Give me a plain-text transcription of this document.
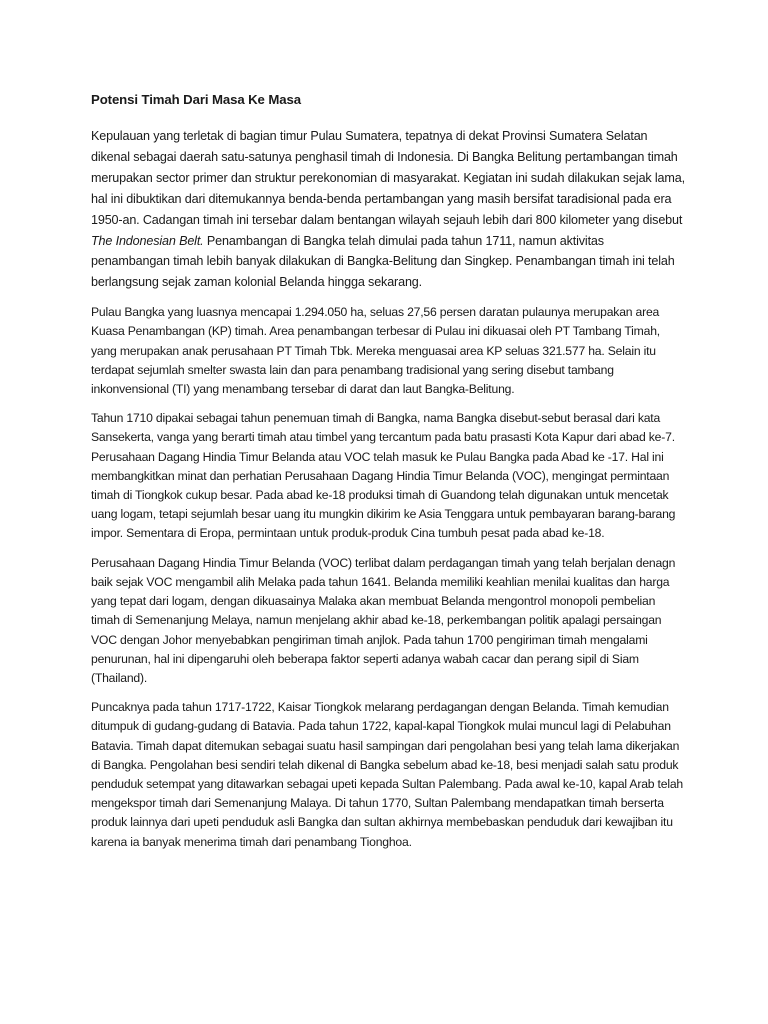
Potensi Timah Dari Masa Ke Masa

Kepulauan yang terletak di bagian timur Pulau Sumatera, tepatnya di dekat Provinsi Sumatera Selatan dikenal sebagai daerah satu-satunya penghasil timah di Indonesia. Di Bangka Belitung pertambangan timah merupakan sector primer dan struktur perekonomian di masyarakat. Kegiatan ini sudah dilakukan sejak lama, hal ini dibuktikan dari ditemukannya benda-benda pertambangan yang masih bersifat taradisional pada era 1950-an. Cadangan timah ini tersebar dalam bentangan wilayah sejauh lebih dari 800 kilometer yang disebut The Indonesian Belt. Penambangan di Bangka telah dimulai pada tahun 1711, namun aktivitas penambangan timah lebih banyak dilakukan di Bangka-Belitung dan Singkep. Penambangan timah ini telah berlangsung sejak zaman kolonial Belanda hingga sekarang.

Pulau Bangka yang luasnya mencapai 1.294.050 ha, seluas 27,56 persen daratan pulaunya merupakan area Kuasa Penambangan (KP) timah. Area penambangan terbesar di Pulau ini dikuasai oleh PT Tambang Timah, yang merupakan anak perusahaan PT Timah Tbk. Mereka menguasai area KP seluas 321.577 ha. Selain itu terdapat sejumlah smelter swasta lain dan para penambang tradisional yang sering disebut tambang inkonvensional (TI) yang menambang tersebar di darat dan laut Bangka-Belitung.

Tahun 1710 dipakai sebagai tahun penemuan timah di Bangka, nama Bangka disebut-sebut berasal dari kata Sansekerta, vanga yang berarti timah atau timbel yang tercantum pada batu prasasti Kota Kapur dari abad ke-7. Perusahaan Dagang Hindia Timur Belanda atau VOC telah masuk ke Pulau Bangka pada Abad ke -17. Hal ini membangkitkan minat dan perhatian Perusahaan Dagang Hindia Timur Belanda (VOC), mengingat permintaan timah di Tiongkok cukup besar. Pada abad ke-18 produksi timah di Guandong telah digunakan untuk mencetak uang logam, tetapi sejumlah besar uang itu mungkin dikirim ke Asia Tenggara untuk pembayaran barang-barang impor. Sementara di Eropa, permintaan untuk produk-produk Cina tumbuh pesat pada abad ke-18.

Perusahaan Dagang Hindia Timur Belanda (VOC) terlibat dalam perdagangan timah yang telah berjalan denagn baik sejak VOC mengambil alih Melaka pada tahun 1641. Belanda memiliki keahlian menilai kualitas dan harga yang tepat dari logam, dengan dikuasainya Malaka akan membuat Belanda mengontrol monopoli pembelian timah di Semenanjung Melaya, namun menjelang akhir abad ke-18, perkembangan politik apalagi persaingan VOC dengan Johor menyebabkan pengiriman timah anjlok. Pada tahun 1700 pengiriman timah mengalami penurunan, hal ini dipengaruhi oleh beberapa faktor seperti adanya wabah cacar dan perang sipil di Siam (Thailand).

Puncaknya pada tahun 1717-1722, Kaisar Tiongkok melarang perdagangan dengan Belanda. Timah kemudian ditumpuk di gudang-gudang di Batavia. Pada tahun 1722, kapal-kapal Tiongkok mulai muncul lagi di Pelabuhan Batavia. Timah dapat ditemukan sebagai suatu hasil sampingan dari pengolahan besi yang telah lama dikerjakan di Bangka. Pengolahan besi sendiri telah dikenal di Bangka sebelum abad ke-18, besi menjadi salah satu produk penduduk setempat yang ditawarkan sebagai upeti kepada Sultan Palembang. Pada awal ke-10, kapal Arab telah mengekspor timah dari Semenanjung Malaya. Di tahun 1770, Sultan Palembang mendapatkan timah berserta produk lainnya dari upeti penduduk asli Bangka dan sultan akhirnya membebaskan penduduk dari kewajiban itu karena ia banyak menerima timah dari penambang Tionghoa.
